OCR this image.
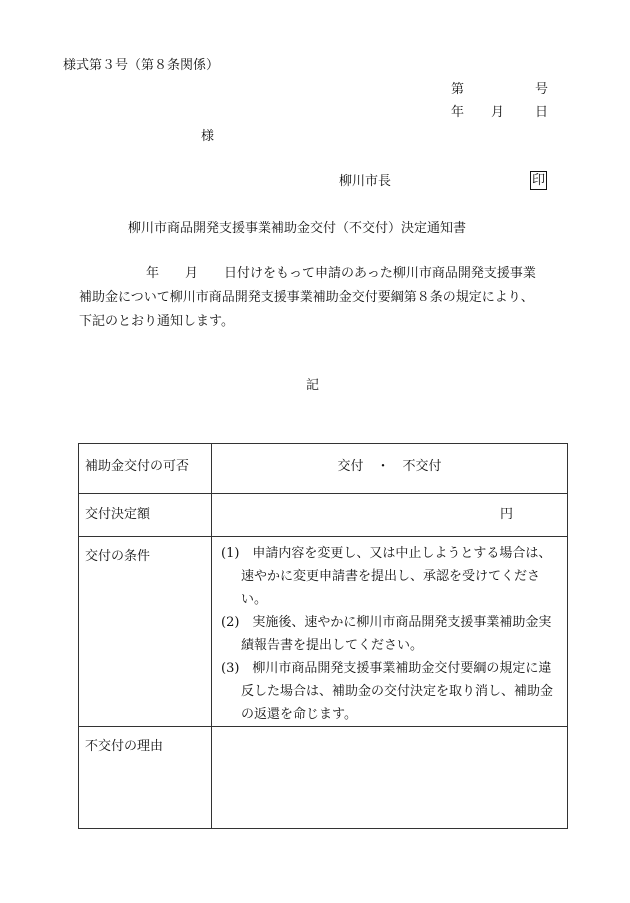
様式第３号（第８条関係）
第	号
年 月 日
様
柳川市長	印
柳川市商品開発支援事業補助金交付（不交付）決定通知書
年 月 日付けをもって申請のあった柳川市商品開発支援事業
補助金について柳川市商品開発支援事業補助金交付要綱第８条の規定により、
下記のとおり通知します。
記
補助金交付の可否	交付　・　不交付

交付決定額	円

交付の条件	(1)　申請内容を変更し、又は中止しようとする場合は、速やかに変更申請書を提出し、承認を受けてください。
(2)　実施後、速やかに柳川市商品開発支援事業補助金実績報告書を提出してください。
(3)　柳川市商品開発支援事業補助金交付要綱の規定に違反した場合は、補助金の交付決定を取り消し、補助金の返還を命じます。

不交付の理由	
